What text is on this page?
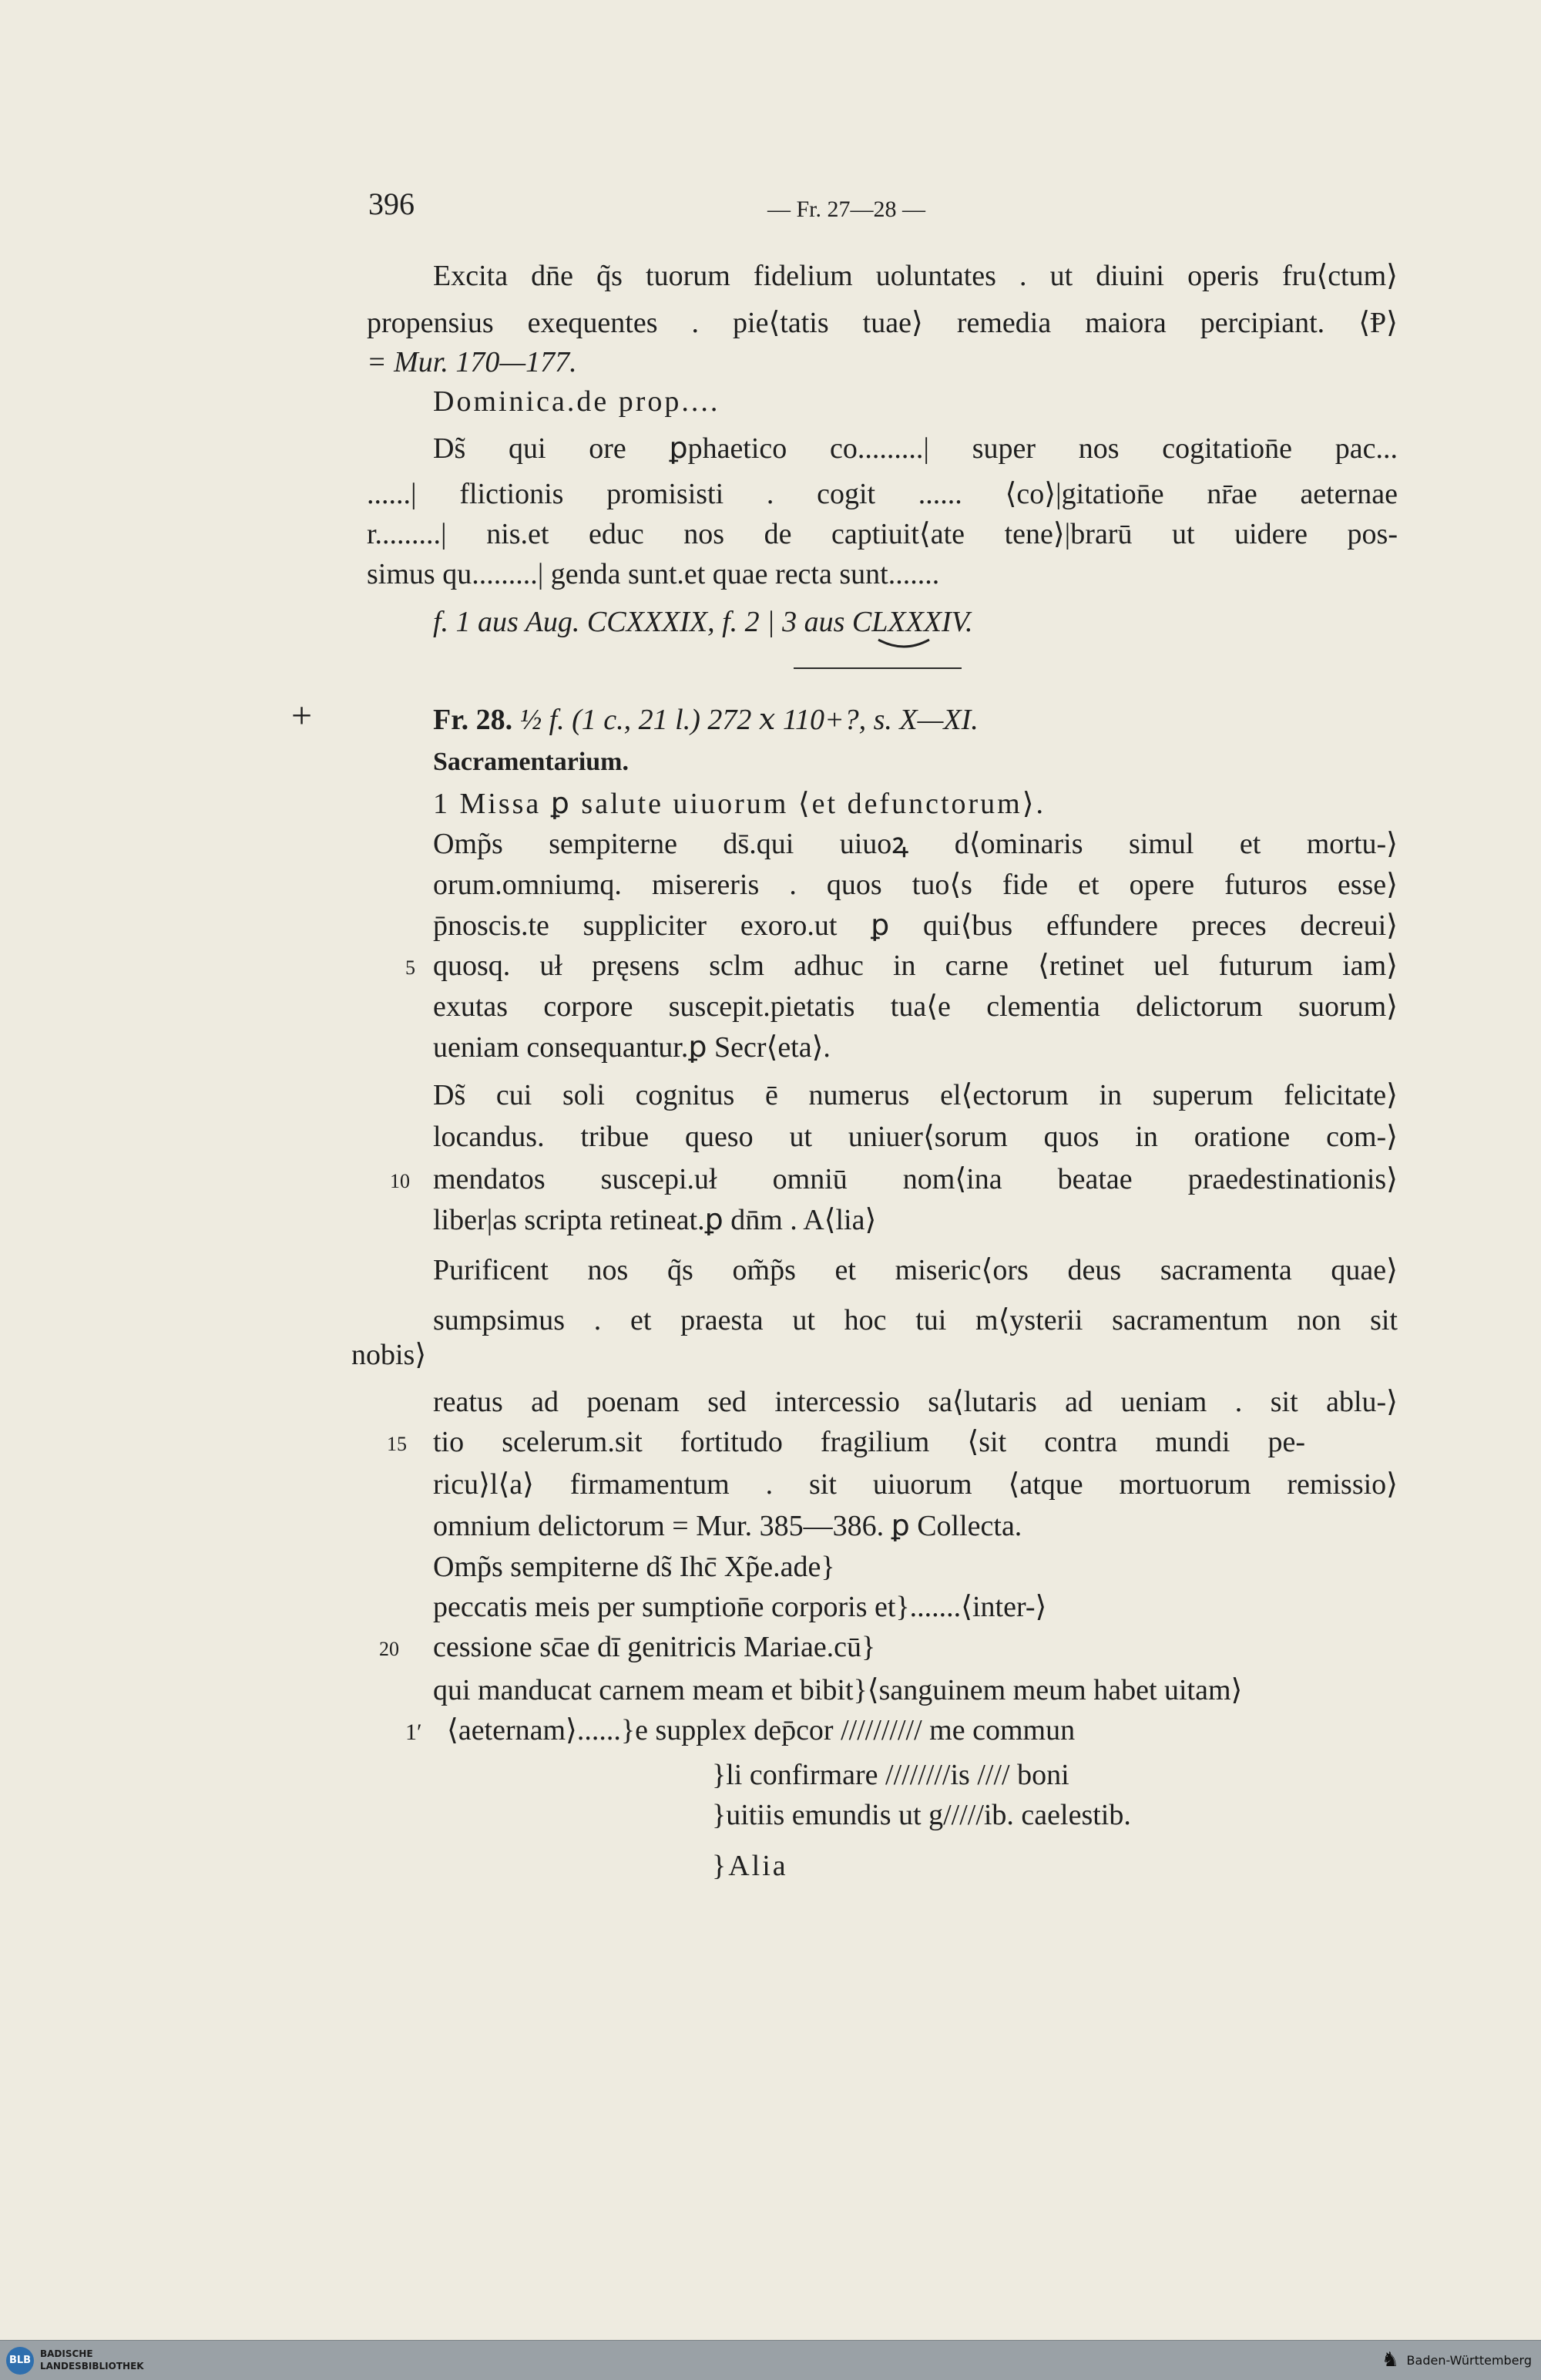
396	— Fr. 27—28 —
Excita dn̄e q̃s tuorum fidelium uoluntates . ut diuini operis fru⟨ctum⟩
propensius exequentes . pie⟨tatis tuae⟩ remedia maiora percipiant. ⟨Ᵽ⟩
= Mur. 170—177.
Dominica.de prop....
Ds̃ qui ore ꝑphaetico co.........| super nos cogitation̄e pac...
......| flictionis promisisti . cogit ...... ⟨co⟩|gitation̄e nr̄ae aeternae
r.........| nis.et educ nos de captiuit⟨ate tene⟩|brarū ut uidere pos-
simus qu.........| genda sunt.et quae recta sunt.......
f. 1 aus Aug. CCXXXIX, f. 2 | 3 aus CLXXXIV.
+	Fr. 28. ½ f. (1 c., 21 l.) 272 ⅹ 110+?, s. X—XI.
Sacramentarium.
1 Missa ꝑ salute uiuorum ⟨et defunctorum⟩.
Omp̃s sempiterne ds̄.qui uiuoꝝ d⟨ominaris simul et mortu-⟩
orum.omniumq. misereris . quos tuo⟨s fide et opere futuros esse⟩
p̄noscis.te suppliciter exoro.ut ꝑ qui⟨bus effundere preces decreui⟩
5 quosq. uł pręsens sclm adhuc in carne ⟨retinet uel futurum iam⟩
exutas corpore suscepit.pietatis tua⟨e clementia delictorum suorum⟩
ueniam consequantur.ꝑ Secr⟨eta⟩.
Ds̃ cui soli cognitus ē numerus el⟨ectorum in superum felicitate⟩
locandus. tribue queso ut uniuer⟨sorum quos in oratione com-⟩
10 mendatos suscepi.uł omniū nom⟨ina beatae praedestinationis⟩
liber|as scripta retineat.ꝑ dn̄m . A⟨lia⟩
Purificent nos q̃s om̃p̃s et miseric⟨ors deus sacramenta quae⟩
sumpsimus . et praesta ut hoc tui m⟨ysterii sacramentum non sit
nobis⟩
reatus ad poenam sed intercessio sa⟨lutaris ad ueniam . sit ablu-⟩
15 tio scelerum.sit fortitudo fragilium ⟨sit contra mundi pe-
ricu⟩l⟨a⟩ firmamentum . sit uiuorum ⟨atque mortuorum remissio⟩
omnium delictorum = Mur. 385—386. ꝑ Collecta.
Omp̃s sempiterne ds̃ Ihc̄ Xp̃e.ade}
peccatis meis per sumption̄e corporis et}.......⟨inter-⟩
20 cessione sc̄ae dī genitricis Mariae.cū}
qui manducat carnem meam et bibit}⟨sanguinem meum habet uitam⟩
1′ ⟨aeternam⟩......}e supplex dep̄cor ////////// me commun
}li confirmare ////////is //// boni
}uitiis emundis ut g/////ib. caelestib.
}Alia
BLB
BADISCHE
LANDESBIBLIOTHEK	♞ Baden-Württemberg
